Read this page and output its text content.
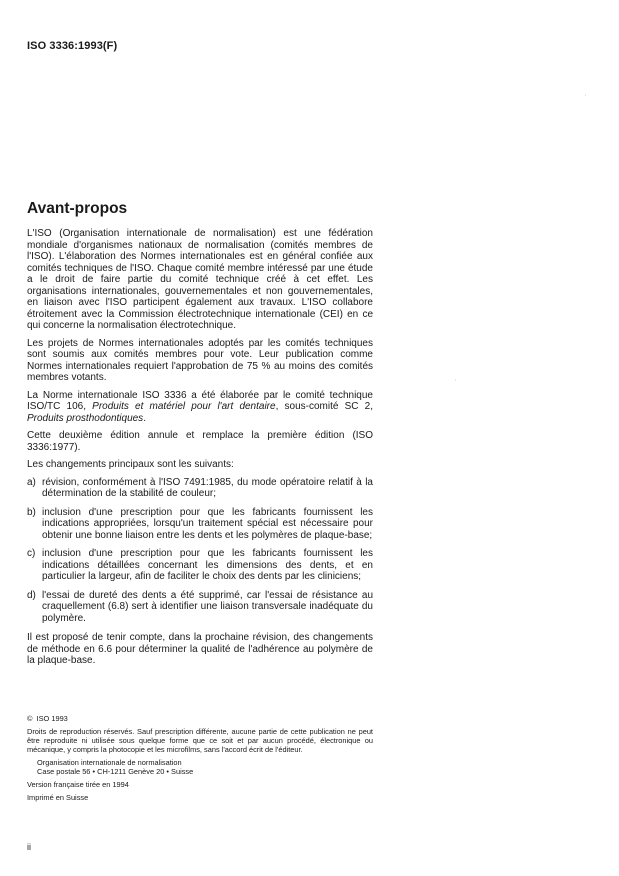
ISO 3336:1993(F)
Avant-propos

L'ISO (Organisation internationale de normalisation) est une fédération mondiale d'organismes nationaux de normalisation (comités membres de l'ISO). L'élaboration des Normes internationales est en général confiée aux comités techniques de l'ISO. Chaque comité membre intéressé par une étude a le droit de faire partie du comité technique créé à cet effet. Les organisations internationales, gouvernementales et non gouvernementales, en liaison avec l'ISO participent également aux travaux. L'ISO collabore étroitement avec la Commission électrotechnique internationale (CEI) en ce qui concerne la normalisation électrotechnique.

Les projets de Normes internationales adoptés par les comités techniques sont soumis aux comités membres pour vote. Leur publication comme Normes internationales requiert l'approbation de 75 % au moins des comités membres votants.

La Norme internationale ISO 3336 a été élaborée par le comité technique ISO/TC 106, Produits et matériel pour l'art dentaire, sous-comité SC 2, Produits prosthodontiques.

Cette deuxième édition annule et remplace la première édition (ISO 3336:1977).

Les changements principaux sont les suivants:

a) révision, conformément à l'ISO 7491:1985, du mode opératoire relatif à la détermination de la stabilité de couleur;
b) inclusion d'une prescription pour que les fabricants fournissent les indications appropriées, lorsqu'un traitement spécial est nécessaire pour obtenir une bonne liaison entre les dents et les polymères de plaque-base;
c) inclusion d'une prescription pour que les fabricants fournissent les indications détaillées concernant les dimensions des dents, et en particulier la largeur, afin de faciliter le choix des dents par les cliniciens;
d) l'essai de dureté des dents a été supprimé, car l'essai de résistance au craquellement (6.8) sert à identifier une liaison transversale inadéquate du polymère.

Il est proposé de tenir compte, dans la prochaine révision, des changements de méthode en 6.6 pour déterminer la qualité de l'adhérence au polymère de la plaque-base.

© ISO 1993
Droits de reproduction réservés. Sauf prescription différente, aucune partie de cette publication ne peut être reproduite ni utilisée sous quelque forme que ce soit et par aucun procédé, électronique ou mécanique, y compris la photocopie et les microfilms, sans l'accord écrit de l'éditeur.
Organisation internationale de normalisation
Case postale 56 • CH-1211 Genève 20 • Suisse
Version française tirée en 1994
Imprimé en Suisse
ii
'
'
